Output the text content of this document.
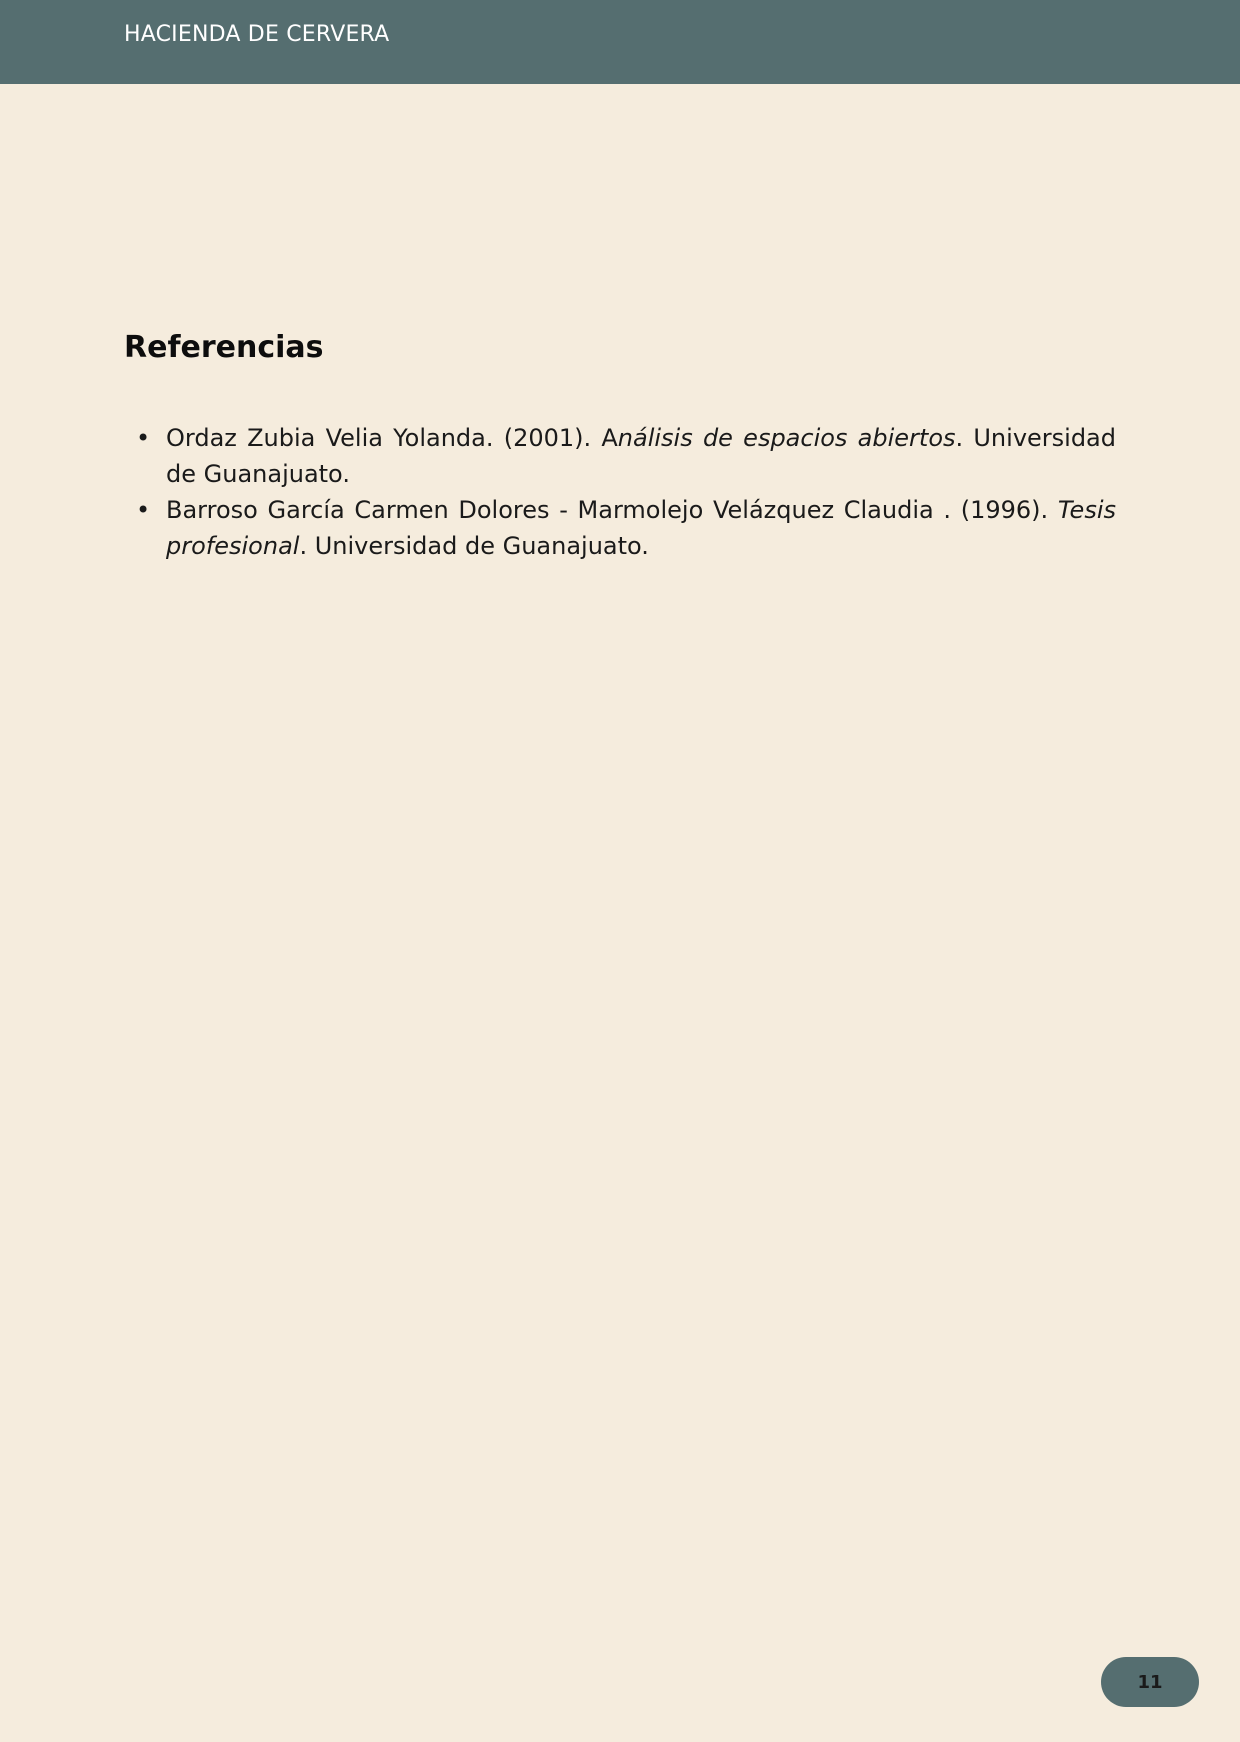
HACIENDA DE CERVERA
Referencias
• Ordaz Zubia Velia Yolanda. (2001). Análisis de espacios abiertos. Universidad de Guanajuato.
• Barroso García Carmen Dolores - Marmolejo Velázquez Claudia . (1996). Tesis profesional. Universidad de Guanajuato.
11
